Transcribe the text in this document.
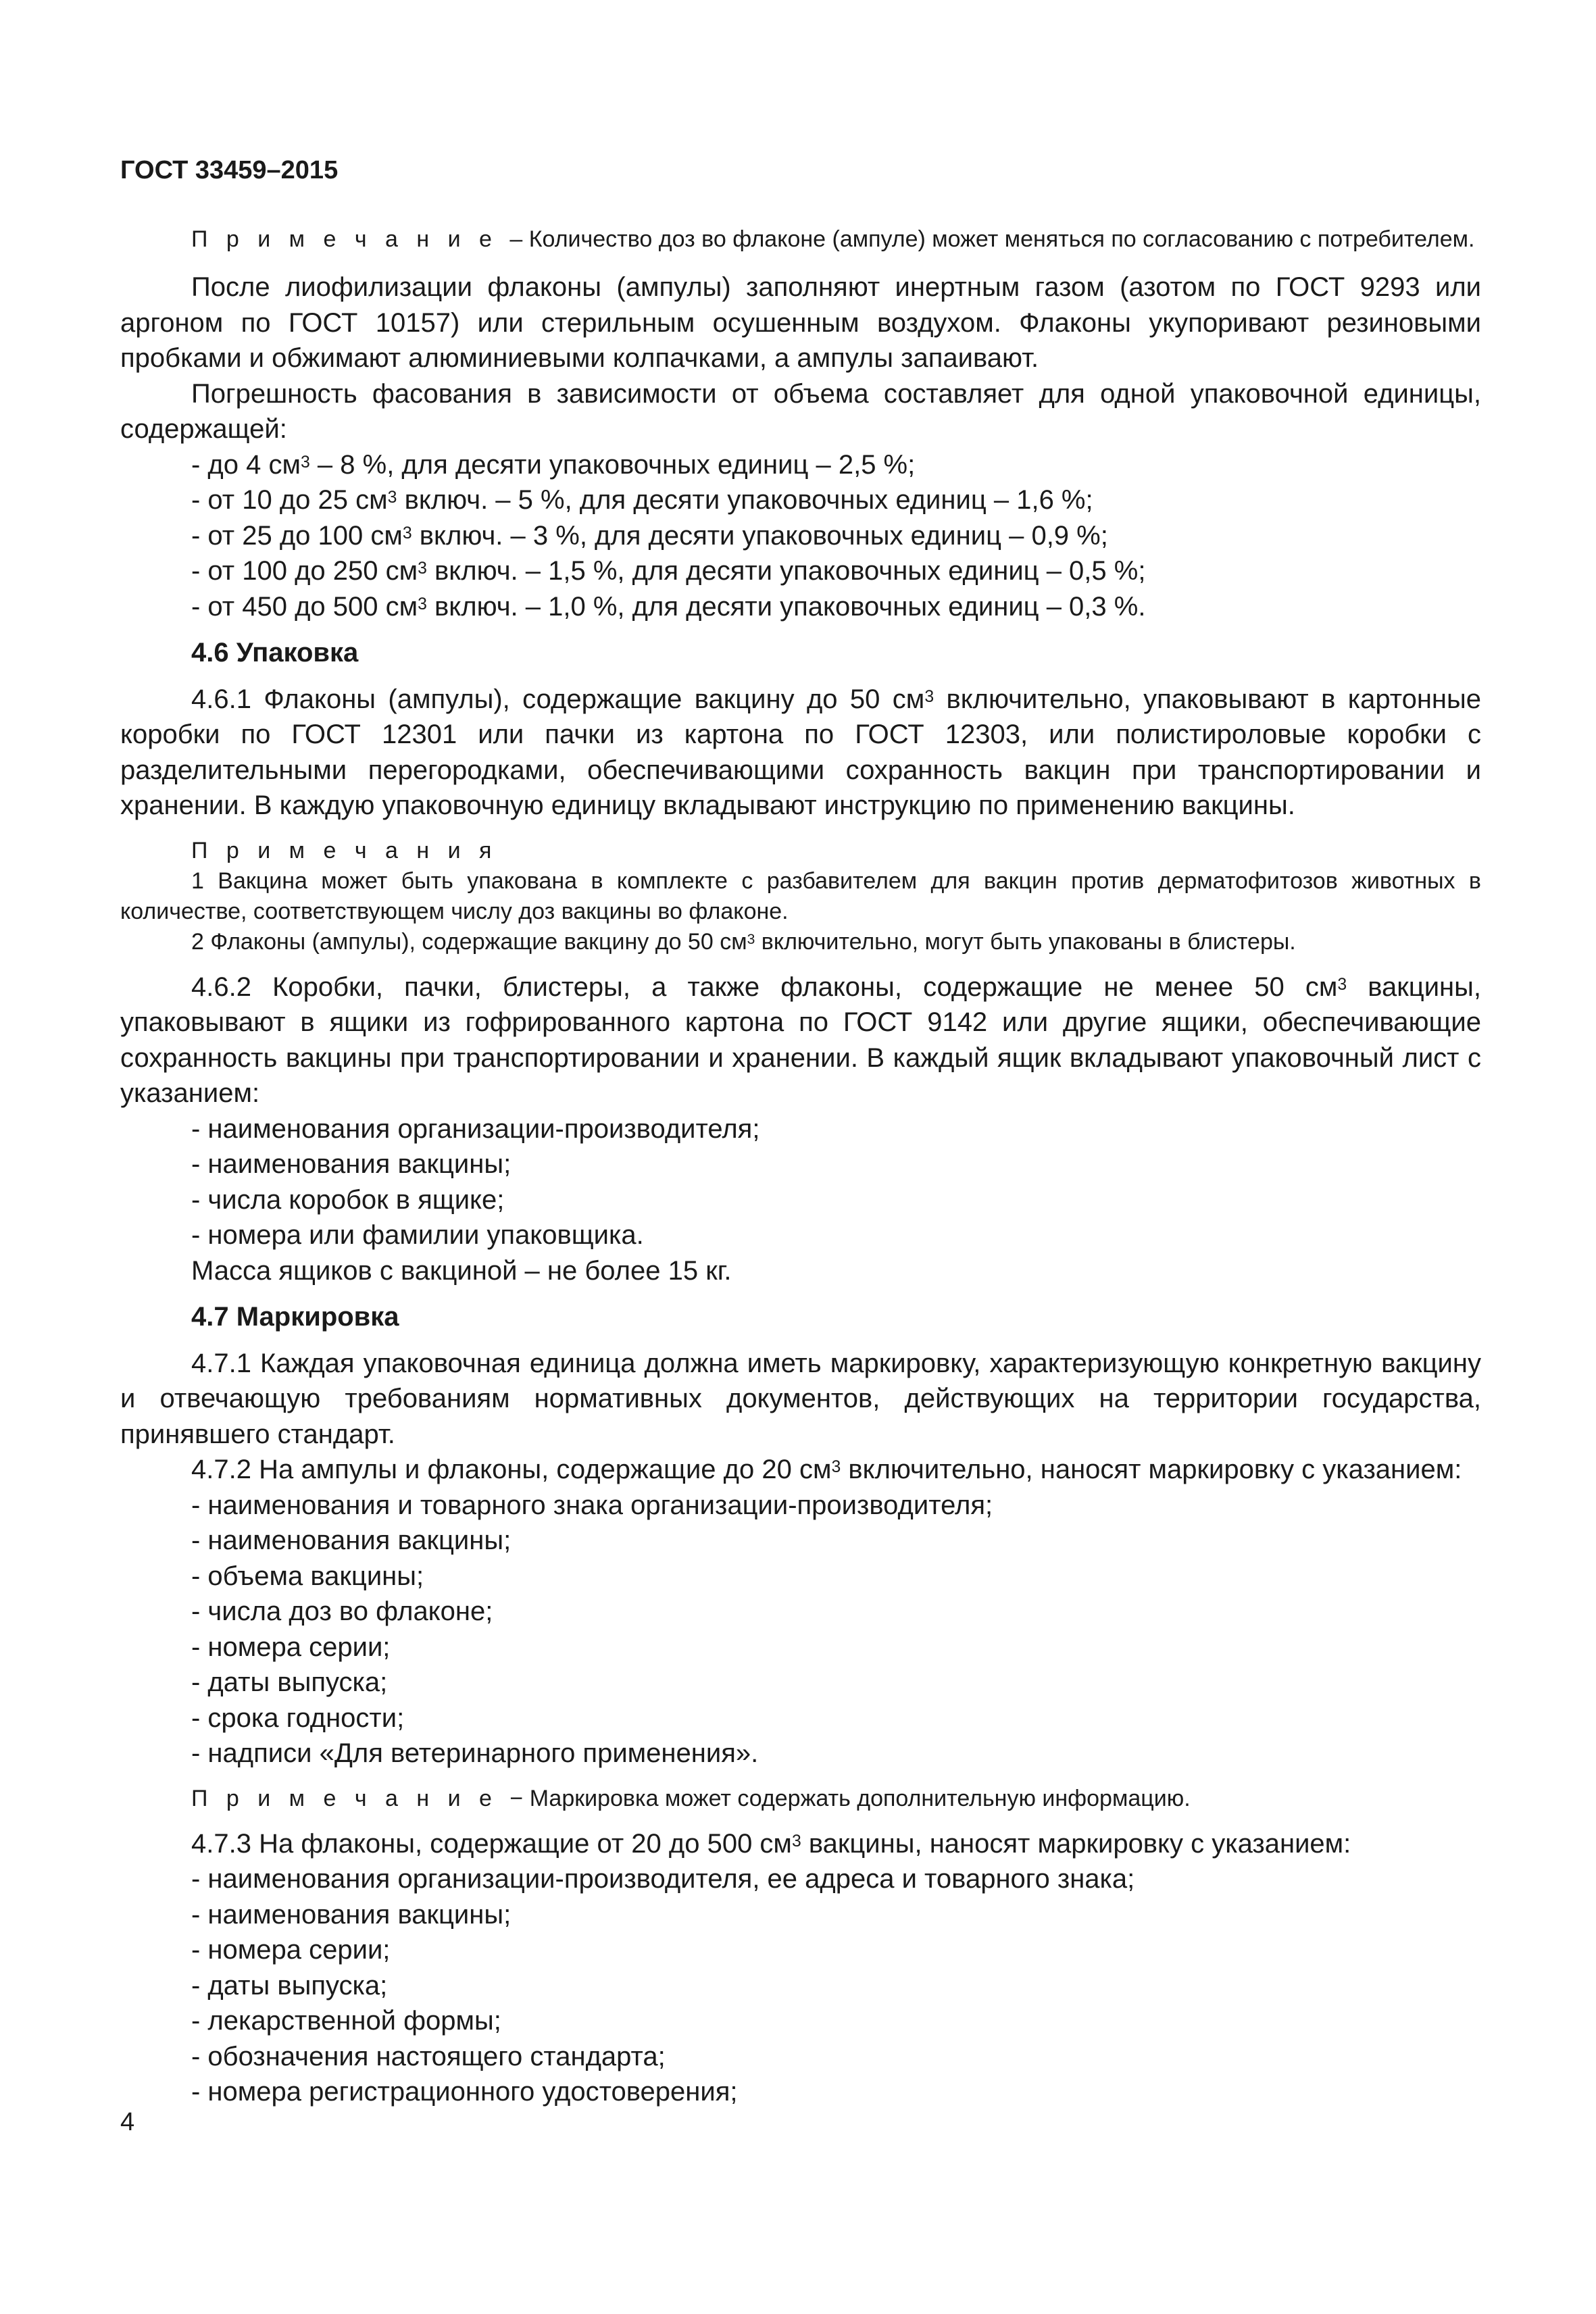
ГОСТ 33459–2015

П р и м е ч а н и е – Количество доз во флаконе (ампуле) может меняться по согласованию с потребителем.

После лиофилизации флаконы (ампулы) заполняют инертным газом (азотом по ГОСТ 9293 или аргоном по ГОСТ 10157) или стерильным осушенным воздухом. Флаконы укупоривают резиновыми пробками и обжимают алюминиевыми колпачками, а ампулы запаивают.

Погрешность фасования в зависимости от объема составляет для одной упаковочной единицы, содержащей:

- до 4 $см^3 - 8$ %, для десяти упаковочных единиц – 2,5 %;

- от 10 до 25 $см^3$ включ. – 5 %, для десяти упаковочных единиц – 1,6 %;

- от 25 до 100 $см^3$ включ. – 3 %, для десяти упаковочных единиц – 0,9 %;

- от 100 до 250 $см^3$ включ. – 1,5 %, для десяти упаковочных единиц – 0,5 %;

- от 450 до 500 $см^3$ включ. – 1,0 %, для десяти упаковочных единиц – 0,3 %.

4.6 Упаковка

4.6.1 Флаконы (ампулы), содержащие вакцину до 50 $см^3$ включительно, упаковывают в картонные коробки по ГОСТ 12301 или пачки из картона по ГОСТ 12303, или полистироловые коробки с разделительными перегородками, обеспечивающими сохранность вакцин при транспортировании и хранении. В каждую упаковочную единицу вкладывают инструкцию по применению вакцины.

П р и м е ч а н и я

1 Вакцина может быть упакована в комплекте с разбавителем для вакцин против дерматофитозов животных в количестве, соответствующем числу доз вакцины во флаконе.

2 Флаконы (ампулы), содержащие вакцину до 50 $см^3$ включительно, могут быть упакованы в блистеры.

4.6.2 Коробки, пачки, блистеры, а также флаконы, содержащие не менее 50 $см^3$ вакцины, упаковывают в ящики из гофрированного картона по ГОСТ 9142 или другие ящики, обеспечивающие сохранность вакцины при транспортировании и хранении. В каждый ящик вкладывают упаковочный лист с указанием:

- наименования организации-производителя;

- наименования вакцины;

- числа коробок в ящике;

- номера или фамилии упаковщика.

Масса ящиков с вакциной – не более 15 кг.

4.7 Маркировка

4.7.1 Каждая упаковочная единица должна иметь маркировку, характеризующую конкретную вакцину и отвечающую требованиям нормативных документов, действующих на территории государства, принявшего стандарт.

4.7.2 На ампулы и флаконы, содержащие до 20 $см^3$ включительно, наносят маркировку с указанием:

- наименования и товарного знака организации-производителя;

- наименования вакцины;

- объема вакцины;

- числа доз во флаконе;

- номера серии;

- даты выпуска;

- срока годности;

- надписи «Для ветеринарного применения».

П р и м е ч а н и е − Маркировка может содержать дополнительную информацию.

4.7.3 На флаконы, содержащие от 20 до 500 $см^3$ вакцины, наносят маркировку с указанием:

- наименования организации-производителя, ее адреса и товарного знака;

- наименования вакцины;

- номера серии;

- даты выпуска;

- лекарственной формы;

- обозначения настоящего стандарта;

- номера регистрационного удостоверения;

4
